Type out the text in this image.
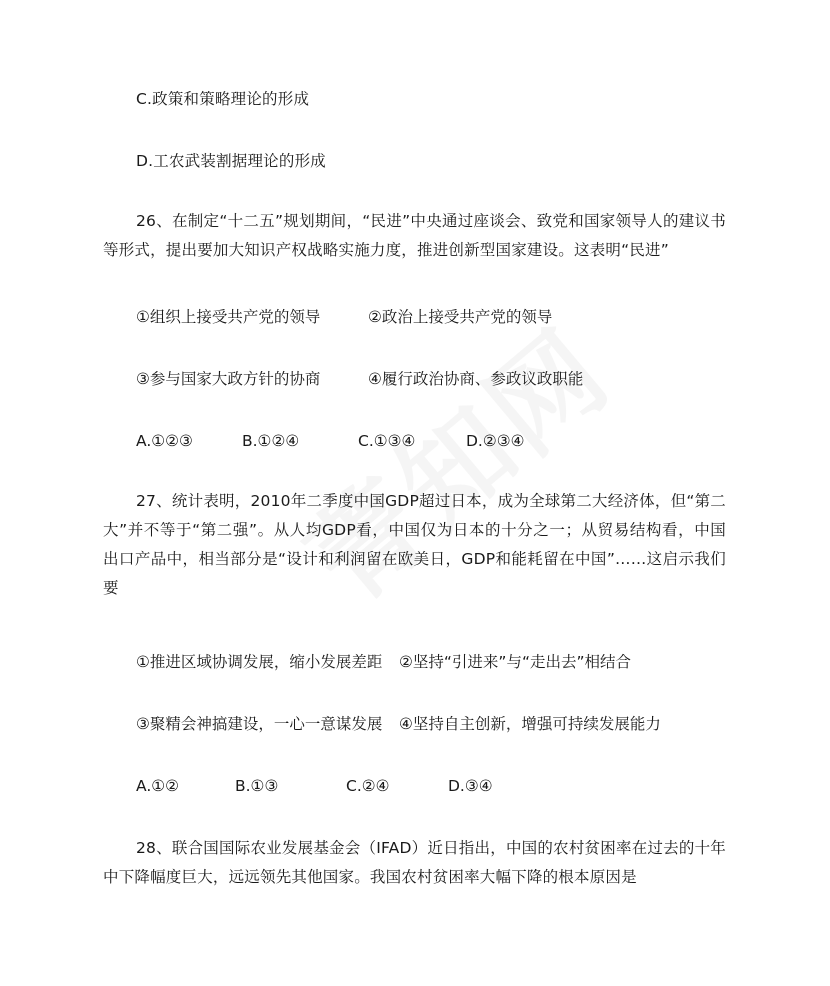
C.政策和策略理论的形成
D.工农武装割据理论的形成
26、在制定“十二五”规划期间，“民进”中央通过座谈会、致党和国家领导人的建议书等形式，提出要加大知识产权战略实施力度，推进创新型国家建设。这表明“民进”
①组织上接受共产党的领导	②政治上接受共产党的领导
③参与国家大政方针的协商	④履行政治协商、参政议政职能
A.①②③	B.①②④	C.①③④	D.②③④
27、统计表明，2010年二季度中国GDP超过日本，成为全球第二大经济体，但“第二大”并不等于“第二强”。从人均GDP看，中国仅为日本的十分之一；从贸易结构看，中国出口产品中，相当部分是“设计和利润留在欧美日，GDP和能耗留在中国”……这启示我们要
①推进区域协调发展，缩小发展差距 ②坚持“引进来”与“走出去”相结合
③聚精会神搞建设，一心一意谋发展 ④坚持自主创新，增强可持续发展能力
A.①②	B.①③	C.②④	D.③④
28、联合国国际农业发展基金会（IFAD）近日指出，中国的农村贫困率在过去的十年中下降幅度巨大，远远领先其他国家。我国农村贫困率大幅下降的根本原因是
